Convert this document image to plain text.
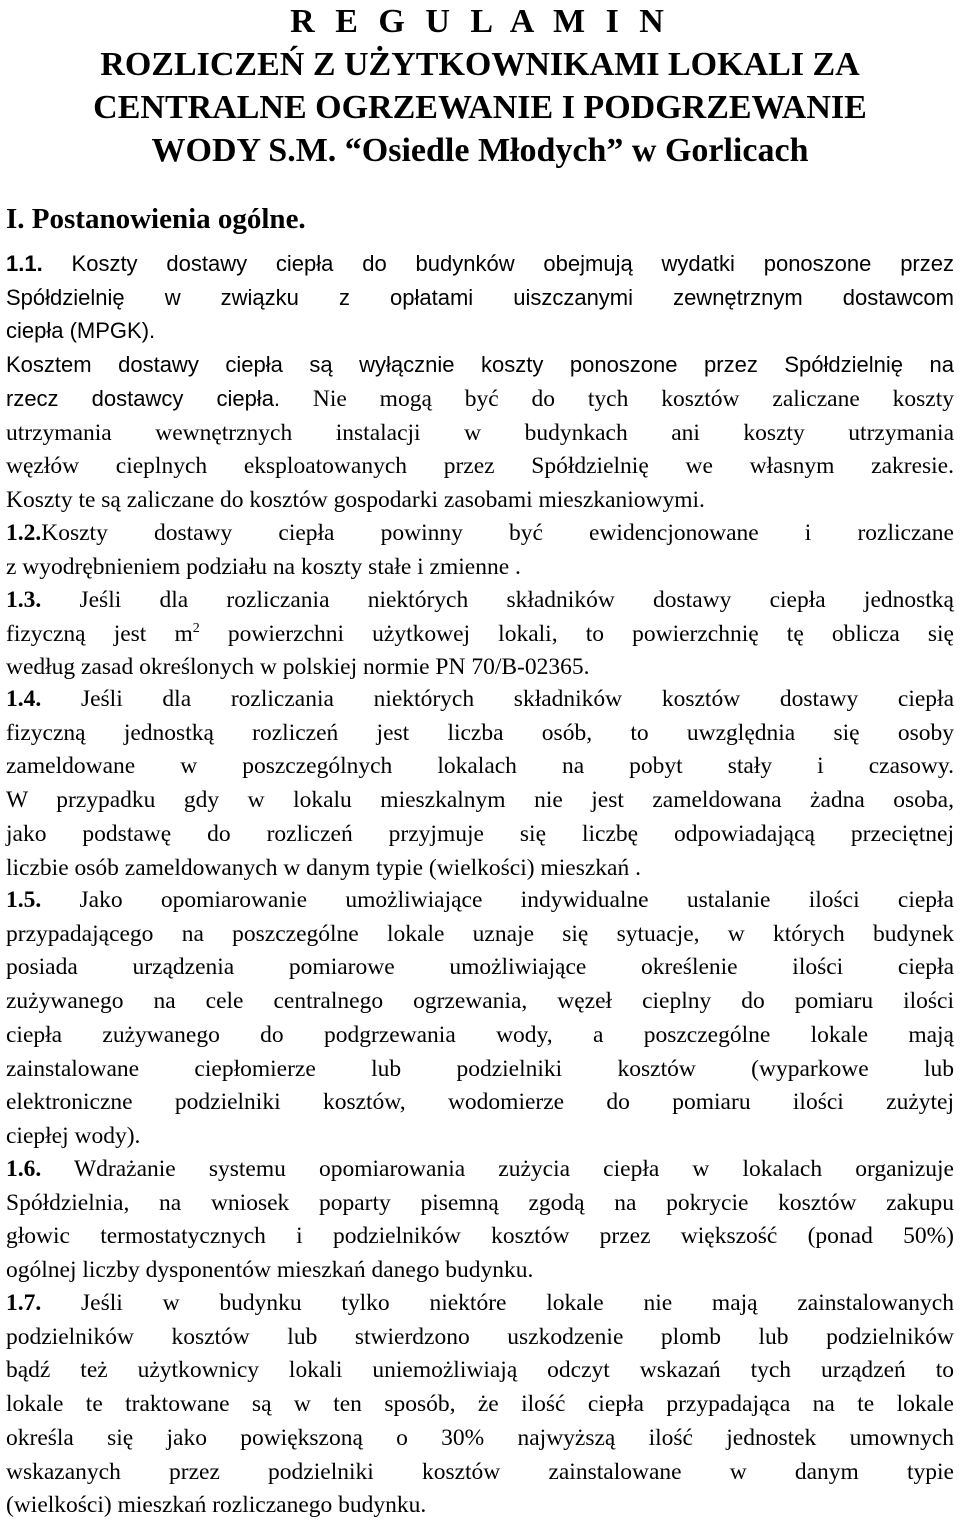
R E G U L A M I N
ROZLICZEŃ Z UŻYTKOWNIKAMI LOKALI ZA
CENTRALNE OGRZEWANIE I PODGRZEWANIE
WODY S.M. “Osiedle Młodych” w Gorlicach
I. Postanowienia ogólne.
1.1. Koszty dostawy ciepła do budynków obejmują wydatki ponoszone przez
Spółdzielnię w związku z opłatami uiszczanymi zewnętrznym dostawcom
ciepła (MPGK).
Kosztem dostawy ciepła są wyłącznie koszty ponoszone przez Spółdzielnię na
rzecz dostawcy ciepła. Nie mogą być do tych kosztów zaliczane koszty
utrzymania wewnętrznych instalacji w budynkach ani koszty utrzymania
węzłów cieplnych eksploatowanych przez Spółdzielnię we własnym zakresie.
Koszty te są zaliczane do kosztów gospodarki zasobami mieszkaniowymi.
1.2.Koszty dostawy ciepła powinny być ewidencjonowane i rozliczane
z wyodrębnieniem podziału na koszty stałe i zmienne .
1.3. Jeśli dla rozliczania niektórych składników dostawy ciepła jednostką
fizyczną jest $m^2$ powierzchni użytkowej lokali, to powierzchnię tę oblicza się
według zasad określonych w polskiej normie PN 70/B-02365.
1.4. Jeśli dla rozliczania niektórych składników kosztów dostawy ciepła
fizyczną jednostką rozliczeń jest liczba osób, to uwzględnia się osoby
zameldowane w poszczególnych lokalach na pobyt stały i czasowy.
W przypadku gdy w lokalu mieszkalnym nie jest zameldowana żadna osoba,
jako podstawę do rozliczeń przyjmuje się liczbę odpowiadającą przeciętnej
liczbie osób zameldowanych w danym typie (wielkości) mieszkań .
1.5. Jako opomiarowanie umożliwiające indywidualne ustalanie ilości ciepła
przypadającego na poszczególne lokale uznaje się sytuacje, w których budynek
posiada urządzenia pomiarowe umożliwiające określenie ilości ciepła
zużywanego na cele centralnego ogrzewania, węzeł cieplny do pomiaru ilości
ciepła zużywanego do podgrzewania wody, a poszczególne lokale mają
zainstalowane ciepłomierze lub podzielniki kosztów (wyparkowe lub
elektroniczne podzielniki kosztów, wodomierze do pomiaru ilości zużytej
ciepłej wody).
1.6. Wdrażanie systemu opomiarowania zużycia ciepła w lokalach organizuje
Spółdzielnia, na wniosek poparty pisemną zgodą na pokrycie kosztów zakupu
głowic termostatycznych i podzielników kosztów przez większość (ponad 50%)
ogólnej liczby dysponentów mieszkań danego budynku.
1.7. Jeśli w budynku tylko niektóre lokale nie mają zainstalowanych
podzielników kosztów lub stwierdzono uszkodzenie plomb lub podzielników
bądź też użytkownicy lokali uniemożliwiają odczyt wskazań tych urządzeń to
lokale te traktowane są w ten sposób, że ilość ciepła przypadająca na te lokale
określa się jako powiększoną o 30% najwyższą ilość jednostek umownych
wskazanych przez podzielniki kosztów zainstalowane w danym typie
(wielkości) mieszkań rozliczanego budynku.
